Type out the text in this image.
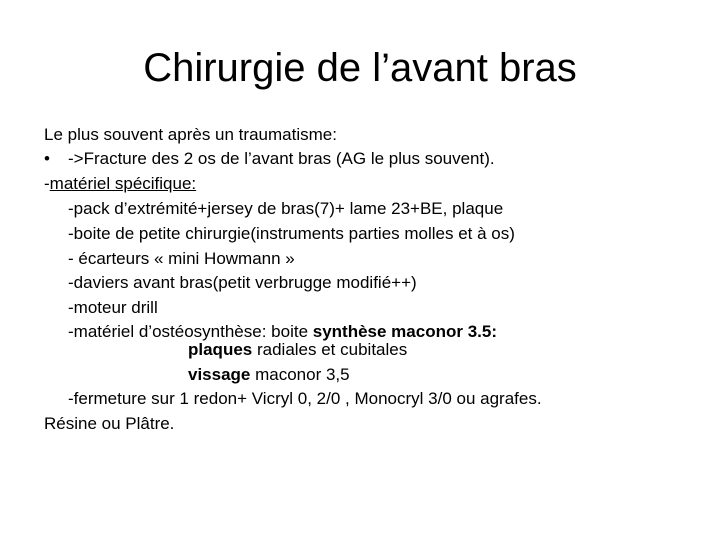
Chirurgie de l’avant bras
Le plus souvent après un traumatisme:
• ->Fracture des 2 os de l’avant bras (AG le plus souvent).
-matériel spécifique:
-pack d’extrémité+jersey de bras(7)+ lame 23+BE, plaque
-boite de petite chirurgie(instruments parties molles et à os)
- écarteurs « mini Howmann »
-daviers avant bras(petit verbrugge modifié++)
-moteur drill
-matériel d’ostéosynthèse: boite synthèse maconor 3.5:
plaques radiales et cubitales
vissage maconor 3,5
-fermeture sur 1 redon+ Vicryl 0, 2/0 , Monocryl 3/0 ou agrafes.
Résine ou Plâtre.
